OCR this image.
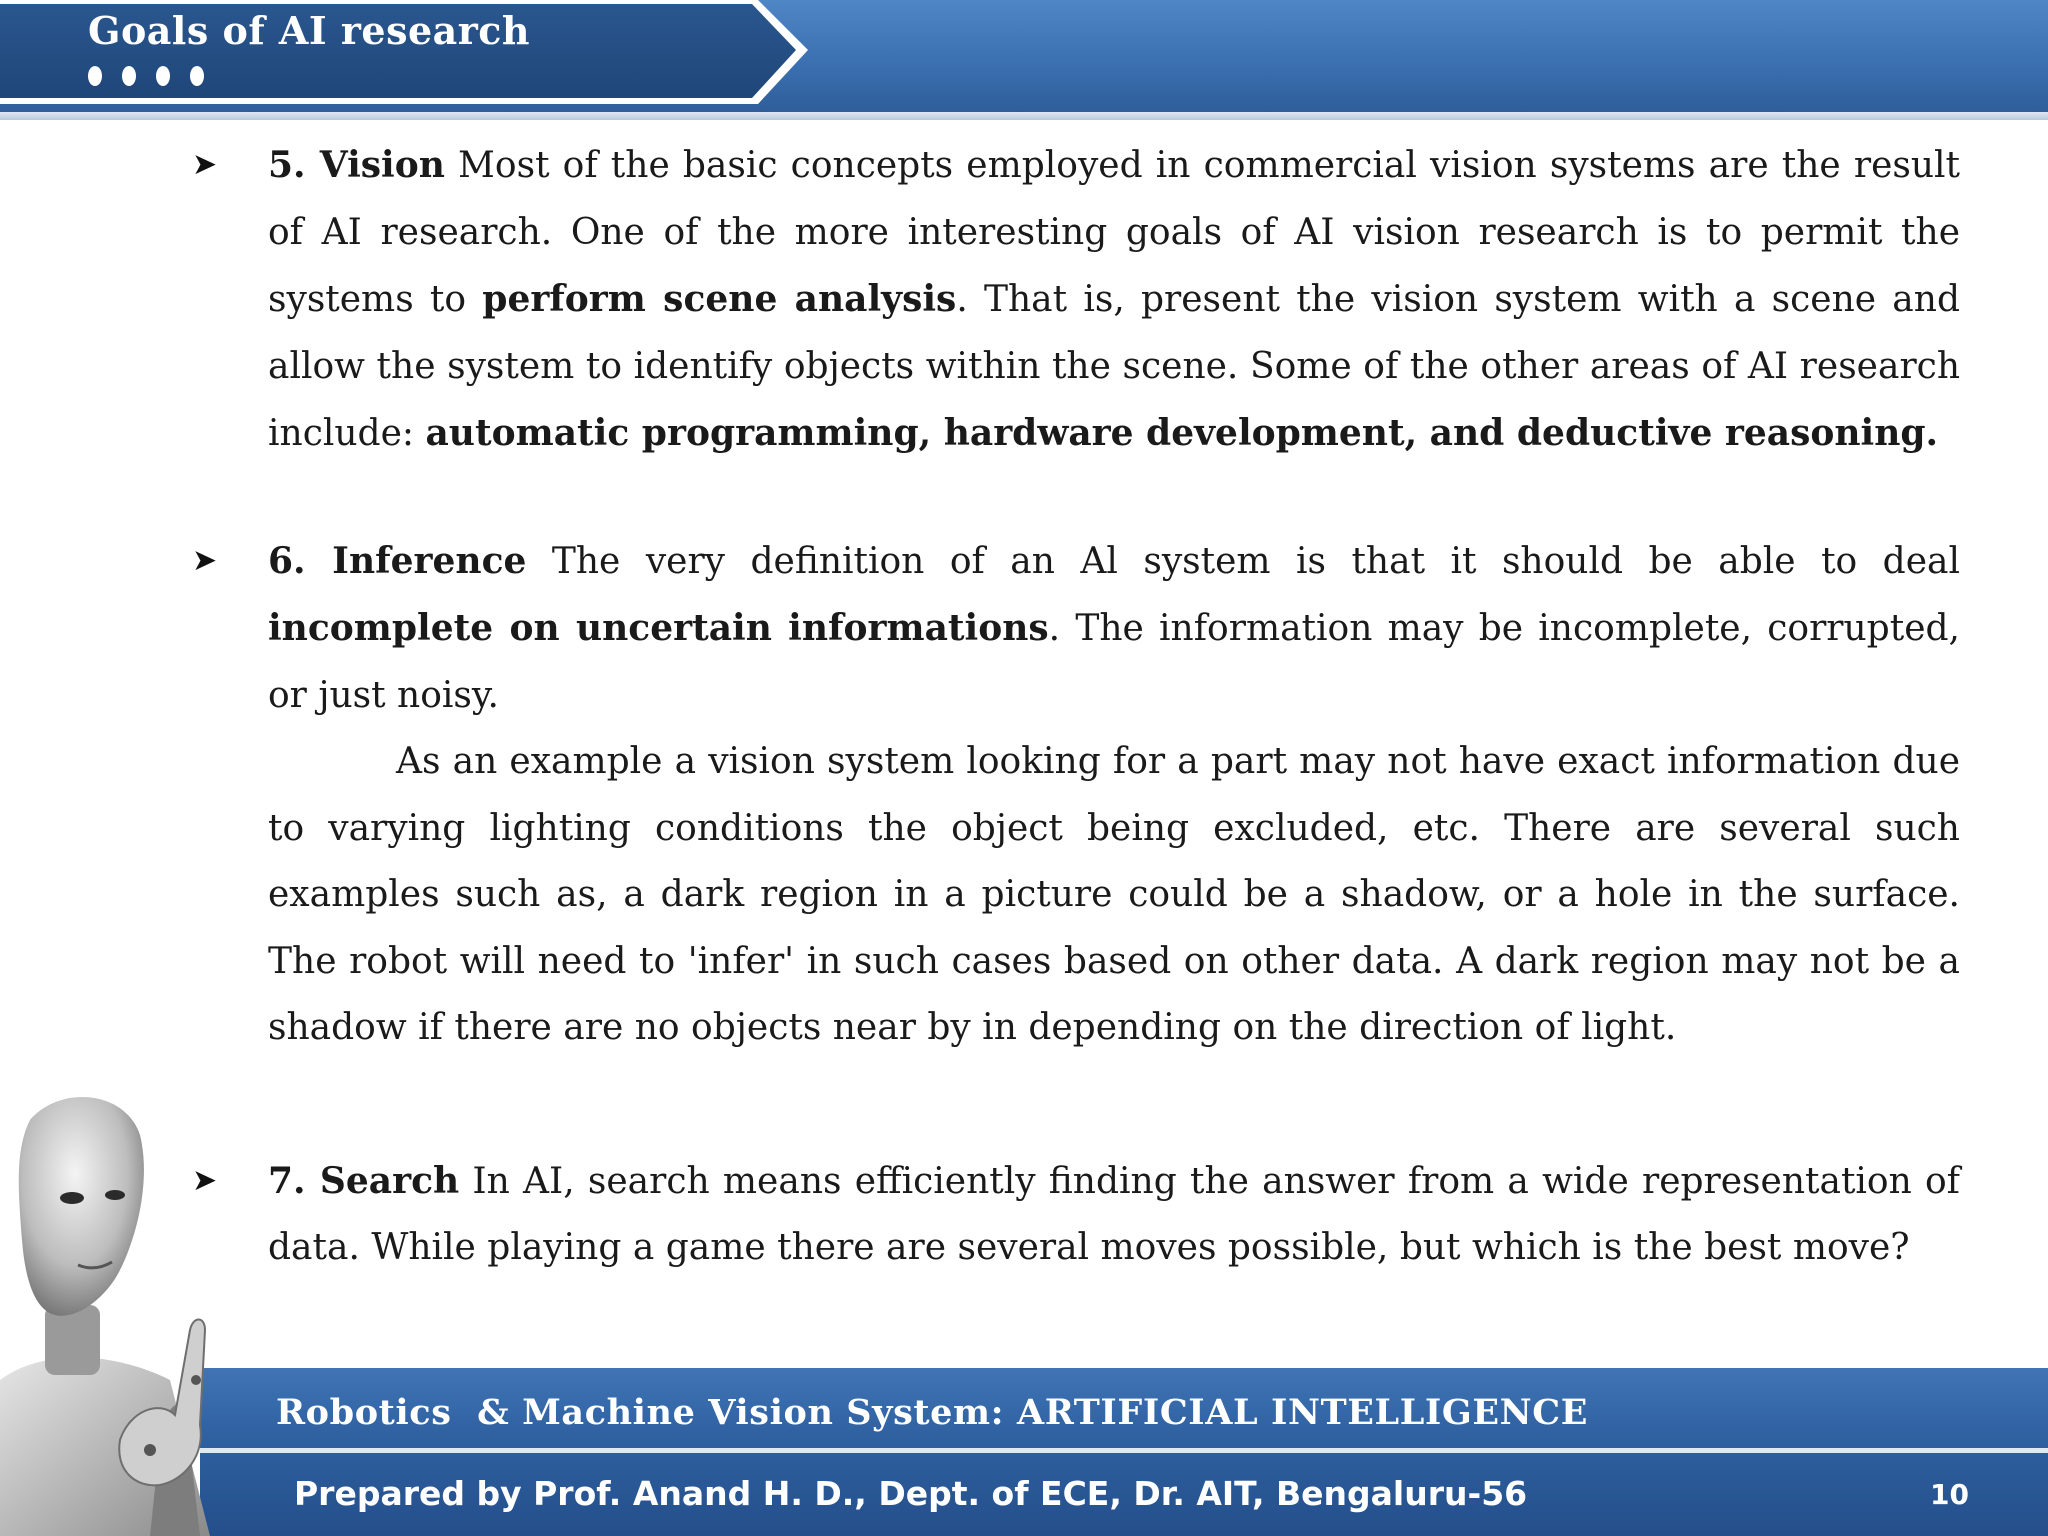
Goals of AI research
➤ 5. Vision Most of the basic concepts employed in commercial vision systems are the result of AI research. One of the more interesting goals of AI vision research is to permit the systems to perform scene analysis. That is, present the vision system with a scene and allow the system to identify objects within the scene. Some of the other areas of AI research include: automatic programming, hardware development, and deductive reasoning.

➤ 6. Inference The very definition of an Al system is that it should be able to deal incomplete on uncertain informations. The information may be incomplete, corrupted, or just noisy.

As an example a vision system looking for a part may not have exact information due to varying lighting conditions the object being excluded, etc. There are several such examples such as, a dark region in a picture could be a shadow, or a hole in the surface. The robot will need to 'infer' in such cases based on other data. A dark region may not be a shadow if there are no objects near by in depending on the direction of light.

➤ 7. Search In AI, search means efficiently finding the answer from a wide representation of data. While playing a game there are several moves possible, but which is the best move?

Robotics  & Machine Vision System: ARTIFICIAL INTELLIGENCE
Prepared by Prof. Anand H. D., Dept. of ECE, Dr. AIT, Bengaluru-56	10
